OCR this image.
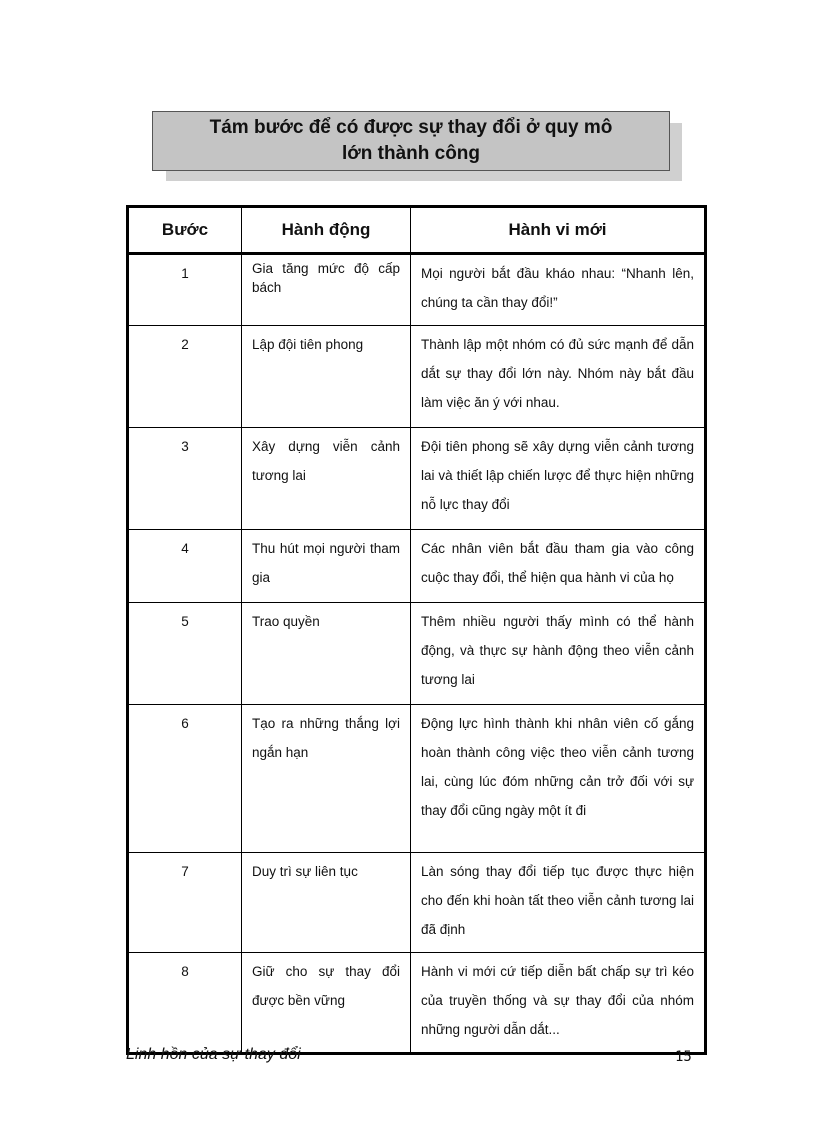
Tám bước để có được sự thay đổi ở quy mô
lớn thành công
Bước	Hành động	Hành vi mới
1	Gia tăng mức độ cấp bách	Mọi người bắt đầu kháo nhau: “Nhanh lên, chúng ta cần thay đổi!”
2	Lập đội tiên phong	Thành lập một nhóm có đủ sức mạnh để dẫn dắt sự thay đổi lớn này. Nhóm này bắt đầu làm việc ăn ý với nhau.
3	Xây dựng viễn cảnh tương lai	Đội tiên phong sẽ xây dựng viễn cảnh tương lai và thiết lập chiến lược để thực hiện những nỗ lực thay đổi
4	Thu hút mọi người tham gia	Các nhân viên bắt đầu tham gia vào công cuộc thay đổi, thể hiện qua hành vi của họ
5	Trao quyền	Thêm nhiều người thấy mình có thể hành động, và thực sự hành động theo viễn cảnh tương lai
6	Tạo ra những thắng lợi ngắn hạn	Động lực hình thành khi nhân viên cố gắng hoàn thành công việc theo viễn cảnh tương lai, cùng lúc đóm những cản trở đối với sự thay đổi cũng ngày một ít đi
7	Duy trì sự liên tục	Làn sóng thay đổi tiếp tục được thực hiện cho đến khi hoàn tất theo viễn cảnh tương lai đã định
8	Giữ cho sự thay đổi được bền vững	Hành vi mới cứ tiếp diễn bất chấp sự trì kéo của truyền thống và sự thay đổi của nhóm những người dẫn dắt...
Linh hồn của sự thay đổi	15
